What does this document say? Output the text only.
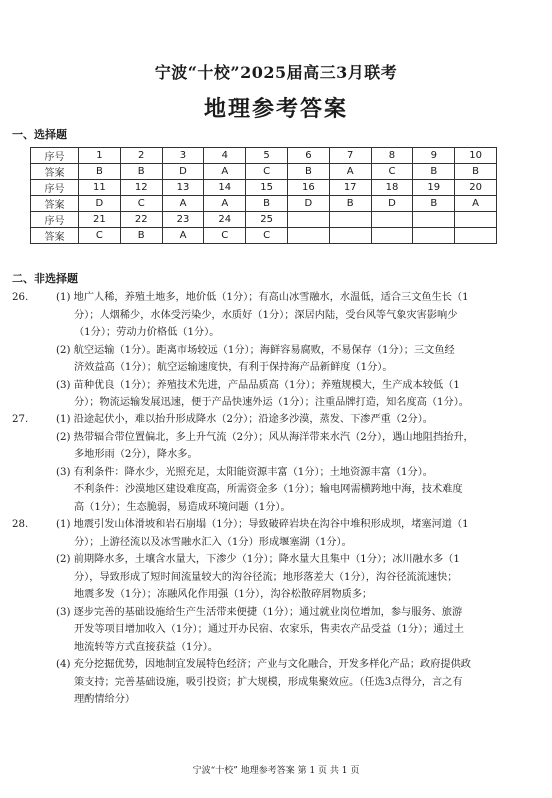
宁波“十校”2025届高三3月联考
地理参考答案
一、选择题
序号	1	2	3	4	5	6	7	8	9	10
答案	B	B	D	A	C	B	A	C	B	B
序号	11	12	13	14	15	16	17	18	19	20
答案	D	C	A	A	B	D	B	D	B	A
序号	21	22	23	24	25					
答案	C	B	A	C	C					
二、非选择题
26.	(1) 地广人稀，养殖土地多，地价低（1分）；有高山冰雪融水，水温低，适合三文鱼生长（1

分）；人烟稀少，水体受污染少，水质好（1分）；深居内陆，受台风等气象灾害影响少

（1分）；劳动力价格低（1分）。

(2) 航空运输（1分）。距离市场较远（1分）；海鲜容易腐败，不易保存（1分）；三文鱼经

济效益高（1分）；航空运输速度快，有利于保持海产品新鲜度（1分）。

(3) 苗种优良（1分）；养殖技术先进，产品品质高（1分）；养殖规模大，生产成本较低（1

分）；物流运输发展迅速，便于产品快速外运（1分）；注重品牌打造，知名度高（1分）。

27.	(1) 沿途起伏小，难以抬升形成降水（2分）；沿途多沙漠，蒸发、下渗严重（2分）。

(2) 热带辐合带位置偏北，多上升气流（2分）；风从海洋带来水汽（2分），遇山地阻挡抬升，

多地形雨（2分），降水多。

(3) 有利条件：降水少，光照充足，太阳能资源丰富（1分）；土地资源丰富（1分）。

不利条件：沙漠地区建设难度高，所需资金多（1分）；输电网需横跨地中海，技术难度

高（1分）；生态脆弱，易造成环境问题（1分）。

28.	(1) 地震引发山体滑坡和岩石崩塌（1分）；导致破碎岩块在沟谷中堆积形成坝，堵塞河道（1

分）；上游径流以及冰雪融水汇入（1分）形成堰塞湖（1分）。

(2) 前期降水多，土壤含水量大，下渗少（1分）；降水量大且集中（1分）；冰川融水多（1

分），导致形成了短时间流量较大的沟谷径流；地形落差大（1分），沟谷径流流速快；

地震多发（1分）；冻融风化作用强（1分），沟谷松散碎屑物质多；

(3) 逐步完善的基础设施给生产生活带来便捷（1分）；通过就业岗位增加，参与服务、旅游

开发等项目增加收入（1分）；通过开办民宿、农家乐，售卖农产品受益（1分）；通过土

地流转等方式直接获益（1分）。

(4) 充分挖掘优势，因地制宜发展特色经济；产业与文化融合，开发多样化产品；政府提供政

策支持；完善基础设施，吸引投资；扩大规模，形成集聚效应。（任选3点得分，言之有

理酌情给分）

宁波“十校” 地理参考答案 第 1 页 共 1 页
